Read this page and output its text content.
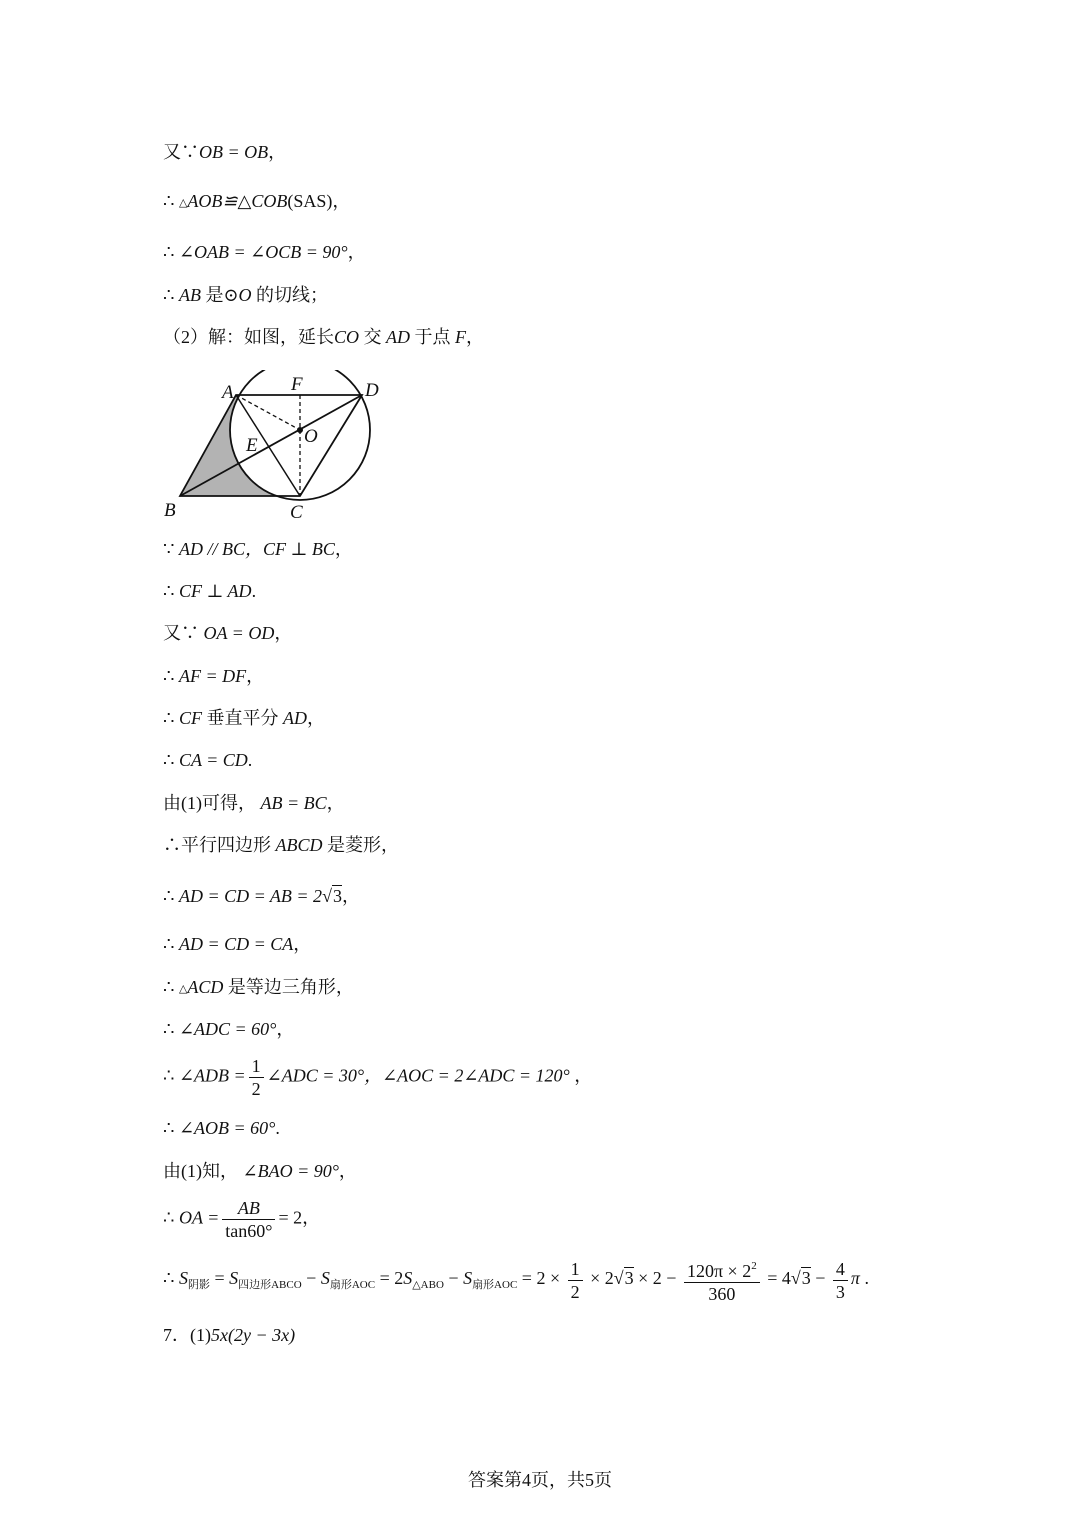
又∵OB = OB，
∴ △AOB≌△COB(SAS)，
∴ ∠OAB = ∠OCB = 90°，
∴ AB 是⊙O 的切线；
（2）解：如图，延长CO 交 AD 于点 F，
A	F	D
O
E
B	C
∵ AD // BC，CF ⊥ BC，
∴ CF ⊥ AD.
又∵ OA = OD，
∴ AF = DF，
∴ CF 垂直平分 AD，
∴ CA = CD.
由(1)可得， AB = BC，
∴平行四边形 ABCD 是菱形，
∴ AD = CD = AB = 2√3，
∴ AD = CD = CA，
∴ △ACD 是等边三角形，
∴ ∠ADC = 60°，
∴ ∠ADB = $\frac{1}{2}$ ∠ADC = 30°，∠AOC = 2∠ADC = 120° ，
∴ ∠AOB = 60°.
由(1)知， ∠BAO = 90°，
∴ OA = $\frac{AB}{\tan 60^\circ} = 2$，
∴ $S_{阴影} = S_{四边形ABCO} - S_{扇形AOC} = 2S_{\triangle ABO} - S_{扇形AOC} = 2 \times \frac{1}{2} \times 2√3 \times 2 - \frac{120\pi \times 2^2}{360} = 4√3 - \frac{4}{3}$ π .
7．(1)5x(2y − 3x)
答案第4页，共5页
